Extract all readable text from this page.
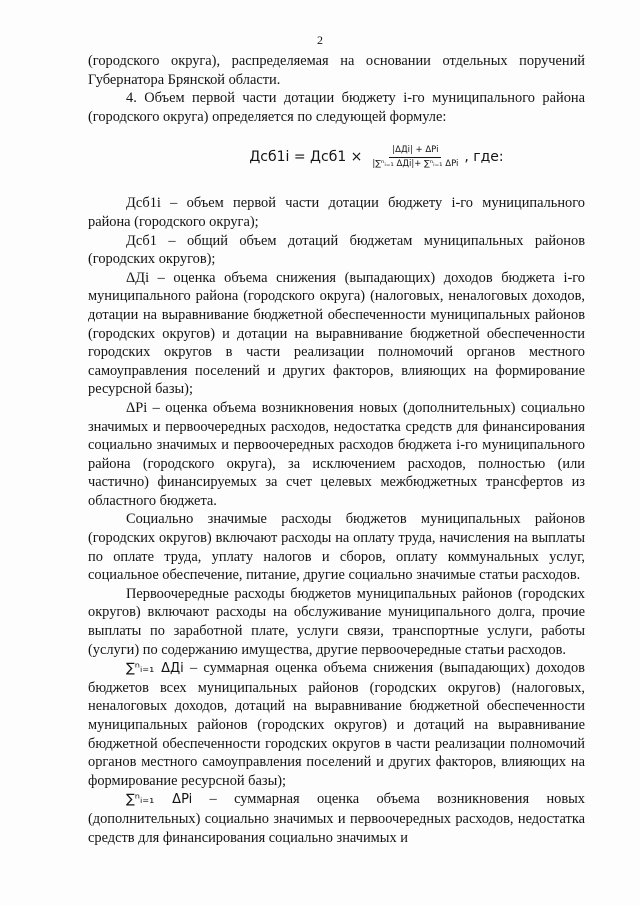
2

(городского округа), распределяемая на основании отдельных поручений Губернатора Брянской области.

4. Объем первой части дотации бюджету i-го муниципального района (городского округа) определяется по следующей формуле:

$Дсб1i = Дсб1 \times \frac{\text{|ΔДi| + ΔPi}}{\text{|∑ⁿᵢ₌₁ ΔДi|+ ∑ⁿᵢ₌₁ ΔPi}}$ , где:

Дсб1i – объем первой части дотации бюджету i-го муниципального района (городского округа);

Дсб1 – общий объем дотаций бюджетам муниципальных районов (городских округов);

ΔДi – оценка объема снижения (выпадающих) доходов бюджета i-го муниципального района (городского округа) (налоговых, неналоговых доходов, дотации на выравнивание бюджетной обеспеченности муниципальных районов (городских округов) и дотации на выравнивание бюджетной обеспеченности городских округов в части реализации полномочий органов местного самоуправления поселений и других факторов, влияющих на формирование ресурсной базы);

ΔPi – оценка объема возникновения новых (дополнительных) социально значимых и первоочередных расходов, недостатка средств для финансирования социально значимых и первоочередных расходов бюджета i-го муниципального района (городского округа), за исключением расходов, полностью (или частично) финансируемых за счет целевых межбюджетных трансфертов из областного бюджета.

Социально значимые расходы бюджетов муниципальных районов (городских округов) включают расходы на оплату труда, начисления на выплаты по оплате труда, уплату налогов и сборов, оплату коммунальных услуг, социальное обеспечение, питание, другие социально значимые статьи расходов.

Первоочередные расходы бюджетов муниципальных районов (городских округов) включают расходы на обслуживание муниципального долга, прочие выплаты по заработной плате, услуги связи, транспортные услуги, работы (услуги) по содержанию имущества, другие первоочередные статьи расходов.

∑ⁿᵢ₌₁ ΔДi – суммарная оценка объема снижения (выпадающих) доходов бюджетов всех муниципальных районов (городских округов) (налоговых, неналоговых доходов, дотаций на выравнивание бюджетной обеспеченности муниципальных районов (городских округов) и дотаций на выравнивание бюджетной обеспеченности городских округов в части реализации полномочий органов местного самоуправления поселений и других факторов, влияющих на формирование ресурсной базы);

∑ⁿᵢ₌₁ ΔPi – суммарная оценка объема возникновения новых (дополнительных) социально значимых и первоочередных расходов, недостатка средств для финансирования социально значимых и
